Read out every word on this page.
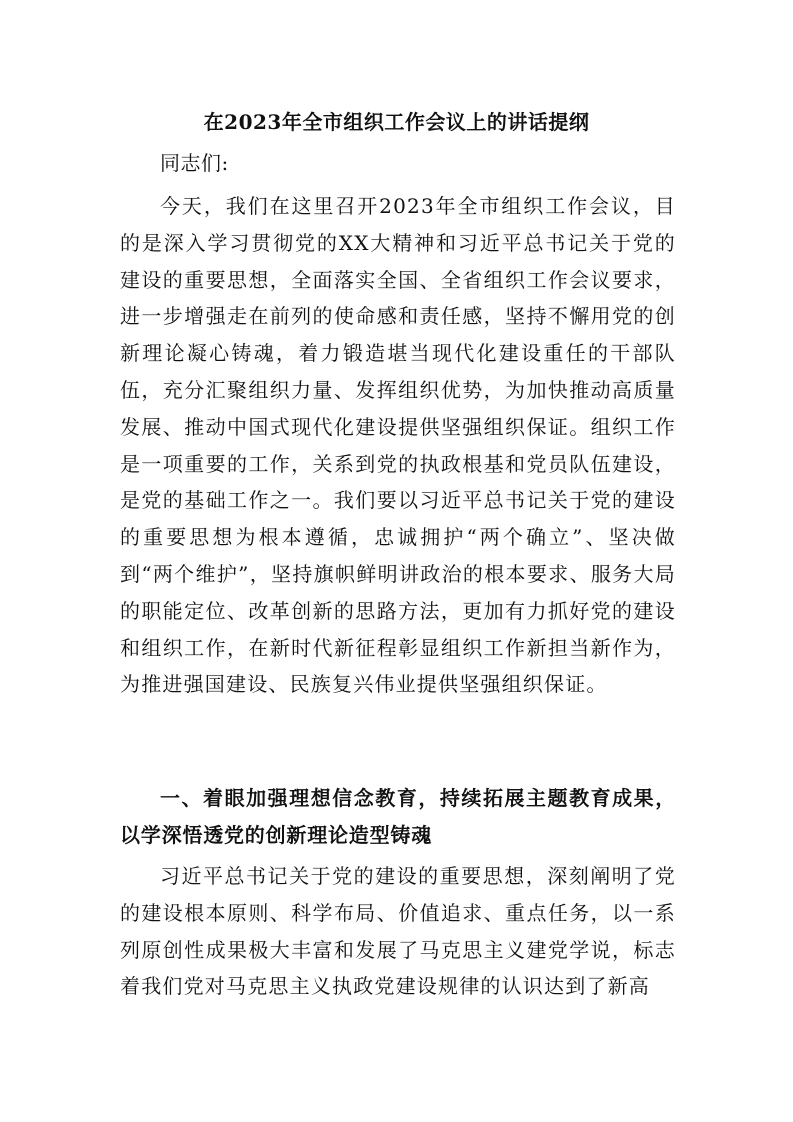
在2023年全市组织工作会议上的讲话提纲
同志们:

今天，我们在这里召开2023年全市组织工作会议，目的是深入学习贯彻党的XX大精神和习近平总书记关于党的建设的重要思想，全面落实全国、全省组织工作会议要求，进一步增强走在前列的使命感和责任感，坚持不懈用党的创新理论凝心铸魂，着力锻造堪当现代化建设重任的干部队伍，充分汇聚组织力量、发挥组织优势，为加快推动高质量发展、推动中国式现代化建设提供坚强组织保证。组织工作是一项重要的工作，关系到党的执政根基和党员队伍建设，是党的基础工作之一。我们要以习近平总书记关于党的建设的重要思想为根本遵循，忠诚拥护“两个确立”、坚决做到“两个维护”，坚持旗帜鲜明讲政治的根本要求、服务大局的职能定位、改革创新的思路方法，更加有力抓好党的建设和组织工作，在新时代新征程彰显组织工作新担当新作为，为推进强国建设、民族复兴伟业提供坚强组织保证。

一、着眼加强理想信念教育，持续拓展主题教育成果，以学深悟透党的创新理论造型铸魂

习近平总书记关于党的建设的重要思想，深刻阐明了党的建设根本原则、科学布局、价值追求、重点任务，以一系列原创性成果极大丰富和发展了马克思主义建党学说，标志着我们党对马克思主义执政党建设规律的认识达到了新高
